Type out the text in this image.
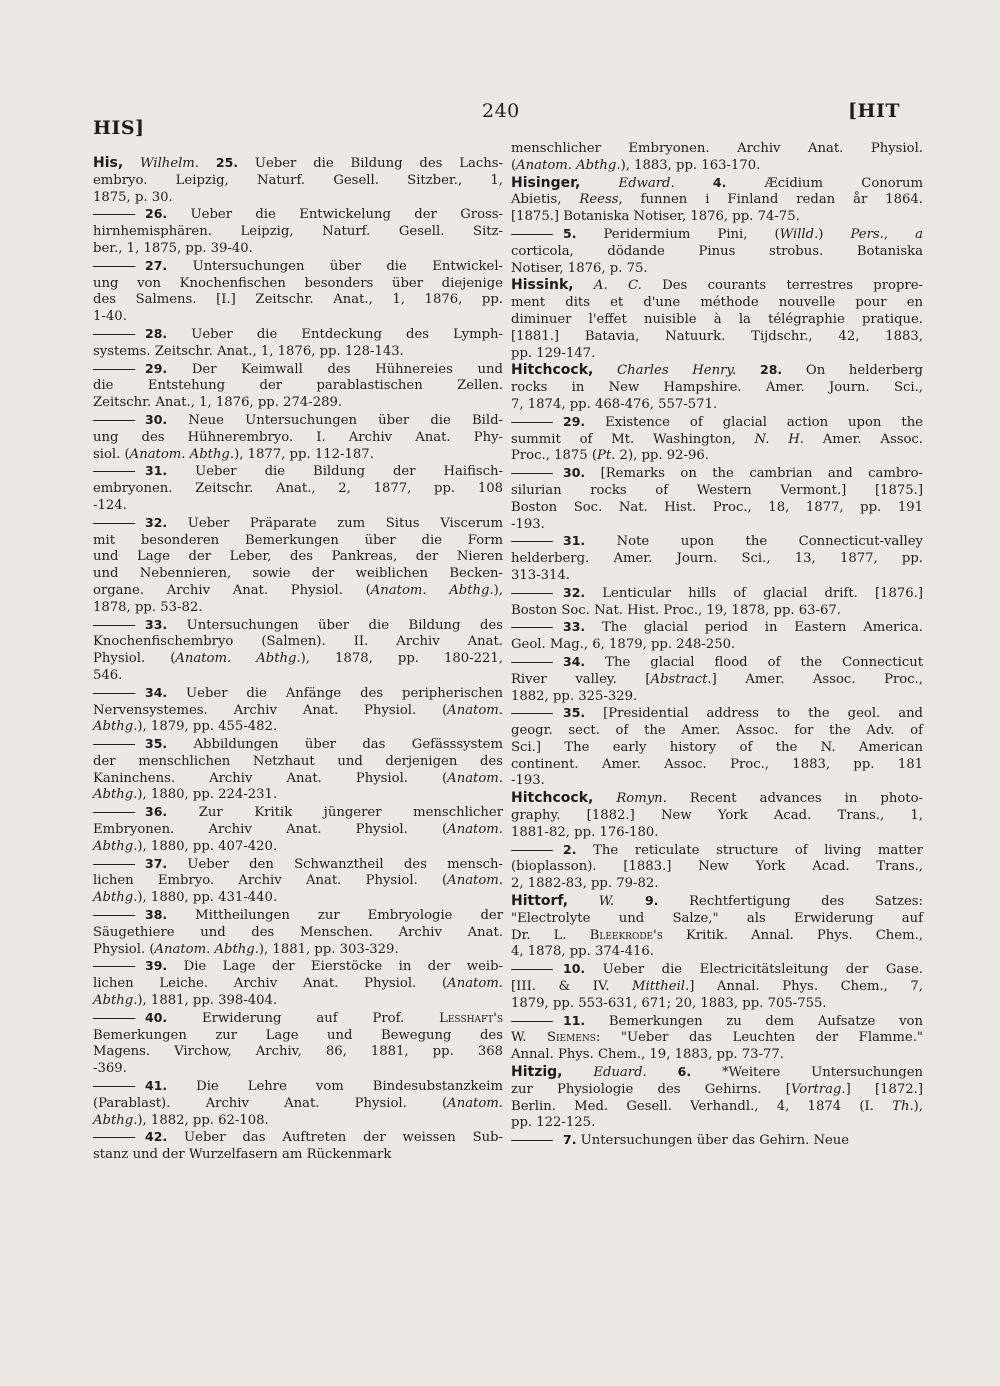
HIS]
240	[HIT
His, Wilhelm. 25. Ueber die Bildung des Lachs-
embryo. Leipzig, Naturf. Gesell. Sitzber., 1,
1875, p. 30.
26. Ueber die Entwickelung der Gross-
hirnhemisphären. Leipzig, Naturf. Gesell. Sitz-
ber., 1, 1875, pp. 39-40.
27. Untersuchungen über die Entwickel-
ung von Knochenfischen besonders über diejenige
des Salmens. [I.] Zeitschr. Anat., 1, 1876, pp.
1-40.
28. Ueber die Entdeckung des Lymph-
systems. Zeitschr. Anat., 1, 1876, pp. 128-143.
29. Der Keimwall des Hühnereies und
die Entstehung der parablastischen Zellen.
Zeitschr. Anat., 1, 1876, pp. 274-289.
30. Neue Untersuchungen über die Bild-
ung des Hühnerembryo. I. Archiv Anat. Phy-
siol. (Anatom. Abthg.), 1877, pp. 112-187.
31. Ueber die Bildung der Haifisch-
embryonen. Zeitschr. Anat., 2, 1877, pp. 108
-124.
32. Ueber Präparate zum Situs Viscerum
mit besonderen Bemerkungen über die Form
und Lage der Leber, des Pankreas, der Nieren
und Nebennieren, sowie der weiblichen Becken-
organe. Archiv Anat. Physiol. (Anatom. Abthg.),
1878, pp. 53-82.
33. Untersuchungen über die Bildung des
Knochenfischembryo (Salmen). II. Archiv Anat.
Physiol. (Anatom. Abthg.), 1878, pp. 180-221,
546.
34. Ueber die Anfänge des peripherischen
Nervensystemes. Archiv Anat. Physiol. (Anatom.
Abthg.), 1879, pp. 455-482.
35. Abbildungen über das Gefässsystem
der menschlichen Netzhaut und derjenigen des
Kaninchens. Archiv Anat. Physiol. (Anatom.
Abthg.), 1880, pp. 224-231.
36. Zur Kritik jüngerer menschlicher
Embryonen. Archiv Anat. Physiol. (Anatom.
Abthg.), 1880, pp. 407-420.
37. Ueber den Schwanztheil des mensch-
lichen Embryo. Archiv Anat. Physiol. (Anatom.
Abthg.), 1880, pp. 431-440.
38. Mittheilungen zur Embryologie der
Säugethiere und des Menschen. Archiv Anat.
Physiol. (Anatom. Abthg.), 1881, pp. 303-329.
39. Die Lage der Eierstöcke in der weib-
lichen Leiche. Archiv Anat. Physiol. (Anatom.
Abthg.), 1881, pp. 398-404.
40. Erwiderung auf Prof. Lesshaft's
Bemerkungen zur Lage und Bewegung des
Magens. Virchow, Archiv, 86, 1881, pp. 368
-369.
41. Die Lehre vom Bindesubstanzkeim
(Parablast). Archiv Anat. Physiol. (Anatom.
Abthg.), 1882, pp. 62-108.
42. Ueber das Auftreten der weissen Sub-
stanz und der Wurzelfasern am Rückenmark
menschlicher Embryonen. Archiv Anat. Physiol.
(Anatom. Abthg.), 1883, pp. 163-170.
Hisinger,	Edward.	4. Æcidium Conorum
Abietis, Reess, funnen i Finland redan år 1864.
[1875.] Botaniska Notiser, 1876, pp. 74-75.
5. Peridermium Pini, (Willd.) Pers., a
corticola, dödande Pinus strobus. Botaniska
Notiser, 1876, p. 75.
Hissink, A. C. Des courants terrestres propre-
ment dits et d'une méthode nouvelle pour en
diminuer l'effet nuisible à la télégraphie pratique.
[1881.] Batavia, Natuurk. Tijdschr., 42, 1883,
pp. 129-147.
Hitchcock, Charles Henry. 28. On helderberg
rocks in New Hampshire. Amer. Journ. Sci.,
7, 1874, pp. 468-476, 557-571.
29. Existence of glacial action upon the
summit of Mt. Washington, N. H. Amer. Assoc.
Proc., 1875 (Pt. 2), pp. 92-96.
30. [Remarks on the cambrian and cambro-
silurian rocks of Western Vermont.] [1875.]
Boston Soc. Nat. Hist. Proc., 18, 1877, pp. 191
-193.
31. Note upon the Connecticut-valley
helderberg. Amer. Journ. Sci., 13, 1877, pp.
313-314.
32. Lenticular hills of glacial drift. [1876.]
Boston Soc. Nat. Hist. Proc., 19, 1878, pp. 63-67.
33. The glacial period in Eastern America.
Geol. Mag., 6, 1879, pp. 248-250.
34. The glacial flood of the Connecticut
River valley. [Abstract.] Amer. Assoc. Proc.,
1882, pp. 325-329.
35. [Presidential address to the geol. and
geogr. sect. of the Amer. Assoc. for the Adv. of
Sci.] The early history of the N. American
continent. Amer. Assoc. Proc., 1883, pp. 181
-193.
Hitchcock, Romyn. Recent advances in photo-
graphy. [1882.] New York Acad. Trans., 1,
1881-82, pp. 176-180.
2. The reticulate structure of living matter
(bioplasson). [1883.] New York Acad. Trans.,
2, 1882-83, pp. 79-82.
Hittorf, W. 9. Rechtfertigung des Satzes:
"Electrolyte und Salze," als Erwiderung auf
Dr. L. Bleekrode's Kritik. Annal. Phys. Chem.,
4, 1878, pp. 374-416.
10. Ueber die Electricitätsleitung der Gase.
[III. & IV. Mittheil.] Annal. Phys. Chem., 7,
1879, pp. 553-631, 671; 20, 1883, pp. 705-755.
11. Bemerkungen zu dem Aufsatze von
W. Siemens: "Ueber das Leuchten der Flamme."
Annal. Phys. Chem., 19, 1883, pp. 73-77.
Hitzig, Eduard. 6. *Weitere Untersuchungen
zur Physiologie des Gehirns. [Vortrag.] [1872.]
Berlin. Med. Gesell. Verhandl., 4, 1874 (I. Th.),
pp. 122-125.
7. Untersuchungen über das Gehirn. Neue
